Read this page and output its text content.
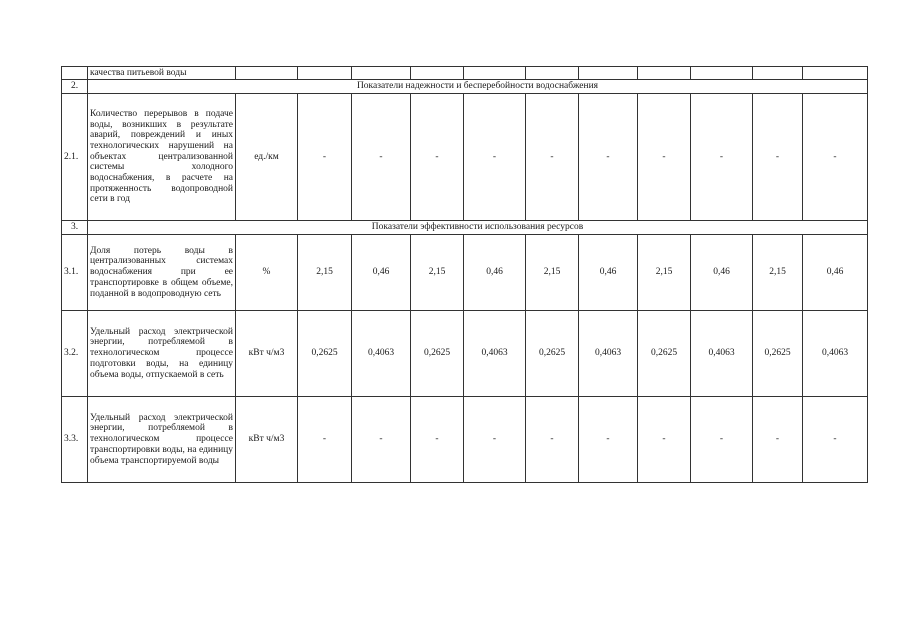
	качества питьевой воды											
2.	Показатели надежности и бесперебойности водоснабжения											
2.1.	Количество перерывов в подаче воды, возникших в результате аварий, повреждений и иных технологических нарушений на объектах централизованной системы холодного водоснабжения, в расчете на протяженность водопроводной сети в год	ед./км	-	-	-	-	-	-	-	-	-	-
3.	Показатели эффективности использования ресурсов											
3.1.	Доля потерь воды в централизованных системах водоснабжения при ее транспортировке в общем объеме, поданной в водопроводную сеть	%	2,15	0,46	2,15	0,46	2,15	0,46	2,15	0,46	2,15	0,46
3.2.	Удельный расход электрической энергии, потребляемой в технологическом процессе подготовки воды, на единицу объема воды, отпускаемой в сеть	кВт ч/м3	0,2625	0,4063	0,2625	0,4063	0,2625	0,4063	0,2625	0,4063	0,2625	0,4063
3.3.	Удельный расход электрической энергии, потребляемой в технологическом процессе транспортировки воды, на единицу объема транспортируемой воды	кВт ч/м3	-	-	-	-	-	-	-	-	-	-
